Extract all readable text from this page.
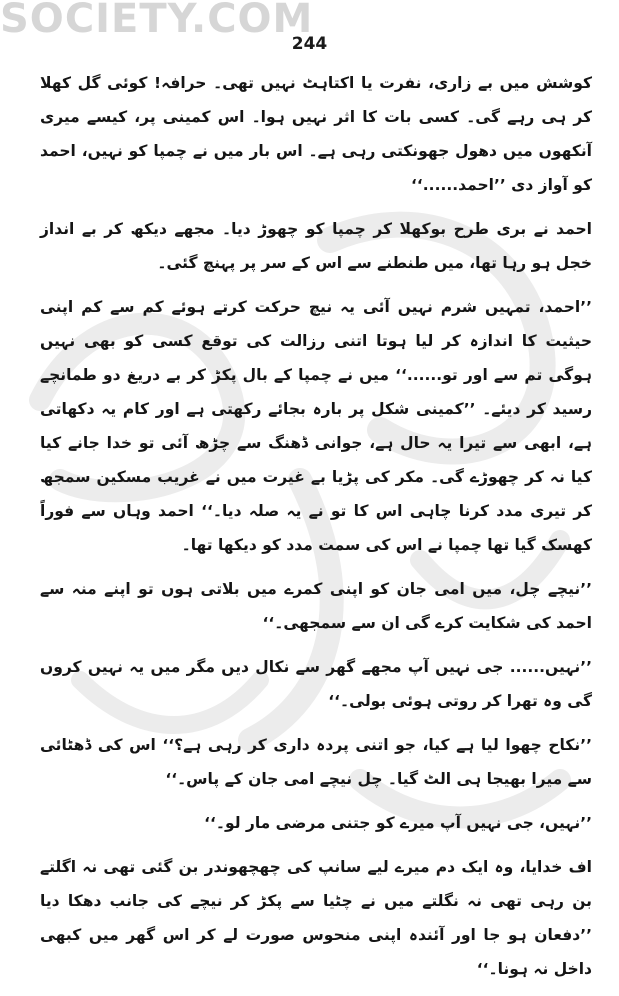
SOCIETY.COM
244

کوشش میں بے زاری، نفرت یا اکتاہٹ نہیں تھی۔ حرافہ! کوئی گل کھلا کر ہی رہے گی۔ کسی بات کا اثر نہیں ہوا۔ اس کمینی پر، کیسے میری آنکھوں میں دھول جھونکتی رہی ہے۔ اس بار میں نے چمپا کو نہیں، احمد کو آواز دی ’’احمد......‘‘

احمد نے بری طرح بوکھلا کر چمپا کو چھوڑ دیا۔ مجھے دیکھ کر بے انداز خجل ہو رہا تھا، میں طنطنے سے اس کے سر پر پہنچ گئی۔

’’احمد، تمہیں شرم نہیں آئی یہ نیچ حرکت کرتے ہوئے کم سے کم اپنی حیثیت کا اندازہ کر لیا ہوتا اتنی رزالت کی توقع کسی کو بھی نہیں ہوگی تم سے اور تو......‘‘ میں نے چمپا کے بال پکڑ کر بے دریغ دو طمانچے رسید کر دیئے۔ ’’کمینی شکل پر بارہ بجائے رکھتی ہے اور کام یہ دکھاتی ہے، ابھی سے تیرا یہ حال ہے، جوانی ڈھنگ سے چڑھ آئی تو خدا جانے کیا کیا نہ کر چھوڑے گی۔ مکر کی پڑیا بے غیرت میں نے غریب مسکین سمجھ کر تیری مدد کرنا چاہی اس کا تو نے یہ صلہ دیا۔‘‘ احمد وہاں سے فوراً کھسک گیا تھا چمپا نے اس کی سمت مدد کو دیکھا تھا۔

’’نیچے چل، میں امی جان کو اپنی کمرے میں بلاتی ہوں تو اپنے منہ سے احمد کی شکایت کرے گی ان سے سمجھی۔‘‘

’’نہیں...... جی نہیں آپ مجھے گھر سے نکال دیں مگر میں یہ نہیں کروں گی وہ تھرا کر روتی ہوئی بولی۔‘‘

’’نکاح چھوا لیا ہے کیا، جو اتنی پردہ داری کر رہی ہے؟‘‘ اس کی ڈھٹائی سے میرا بھیجا ہی الٹ گیا۔ چل نیچے امی جان کے پاس۔‘‘

’’نہیں، جی نہیں آپ میرے کو جتنی مرضی مار لو۔‘‘

اف خدایا، وہ ایک دم میرے لیے سانپ کی چھچھوندر بن گئی تھی نہ اگلتے بن رہی تھی نہ نگلتے میں نے چٹیا سے پکڑ کر نیچے کی جانب دھکا دیا ’’دفعان ہو جا اور آئندہ اپنی منحوس صورت لے کر اس گھر میں کبھی داخل نہ ہونا۔‘‘
